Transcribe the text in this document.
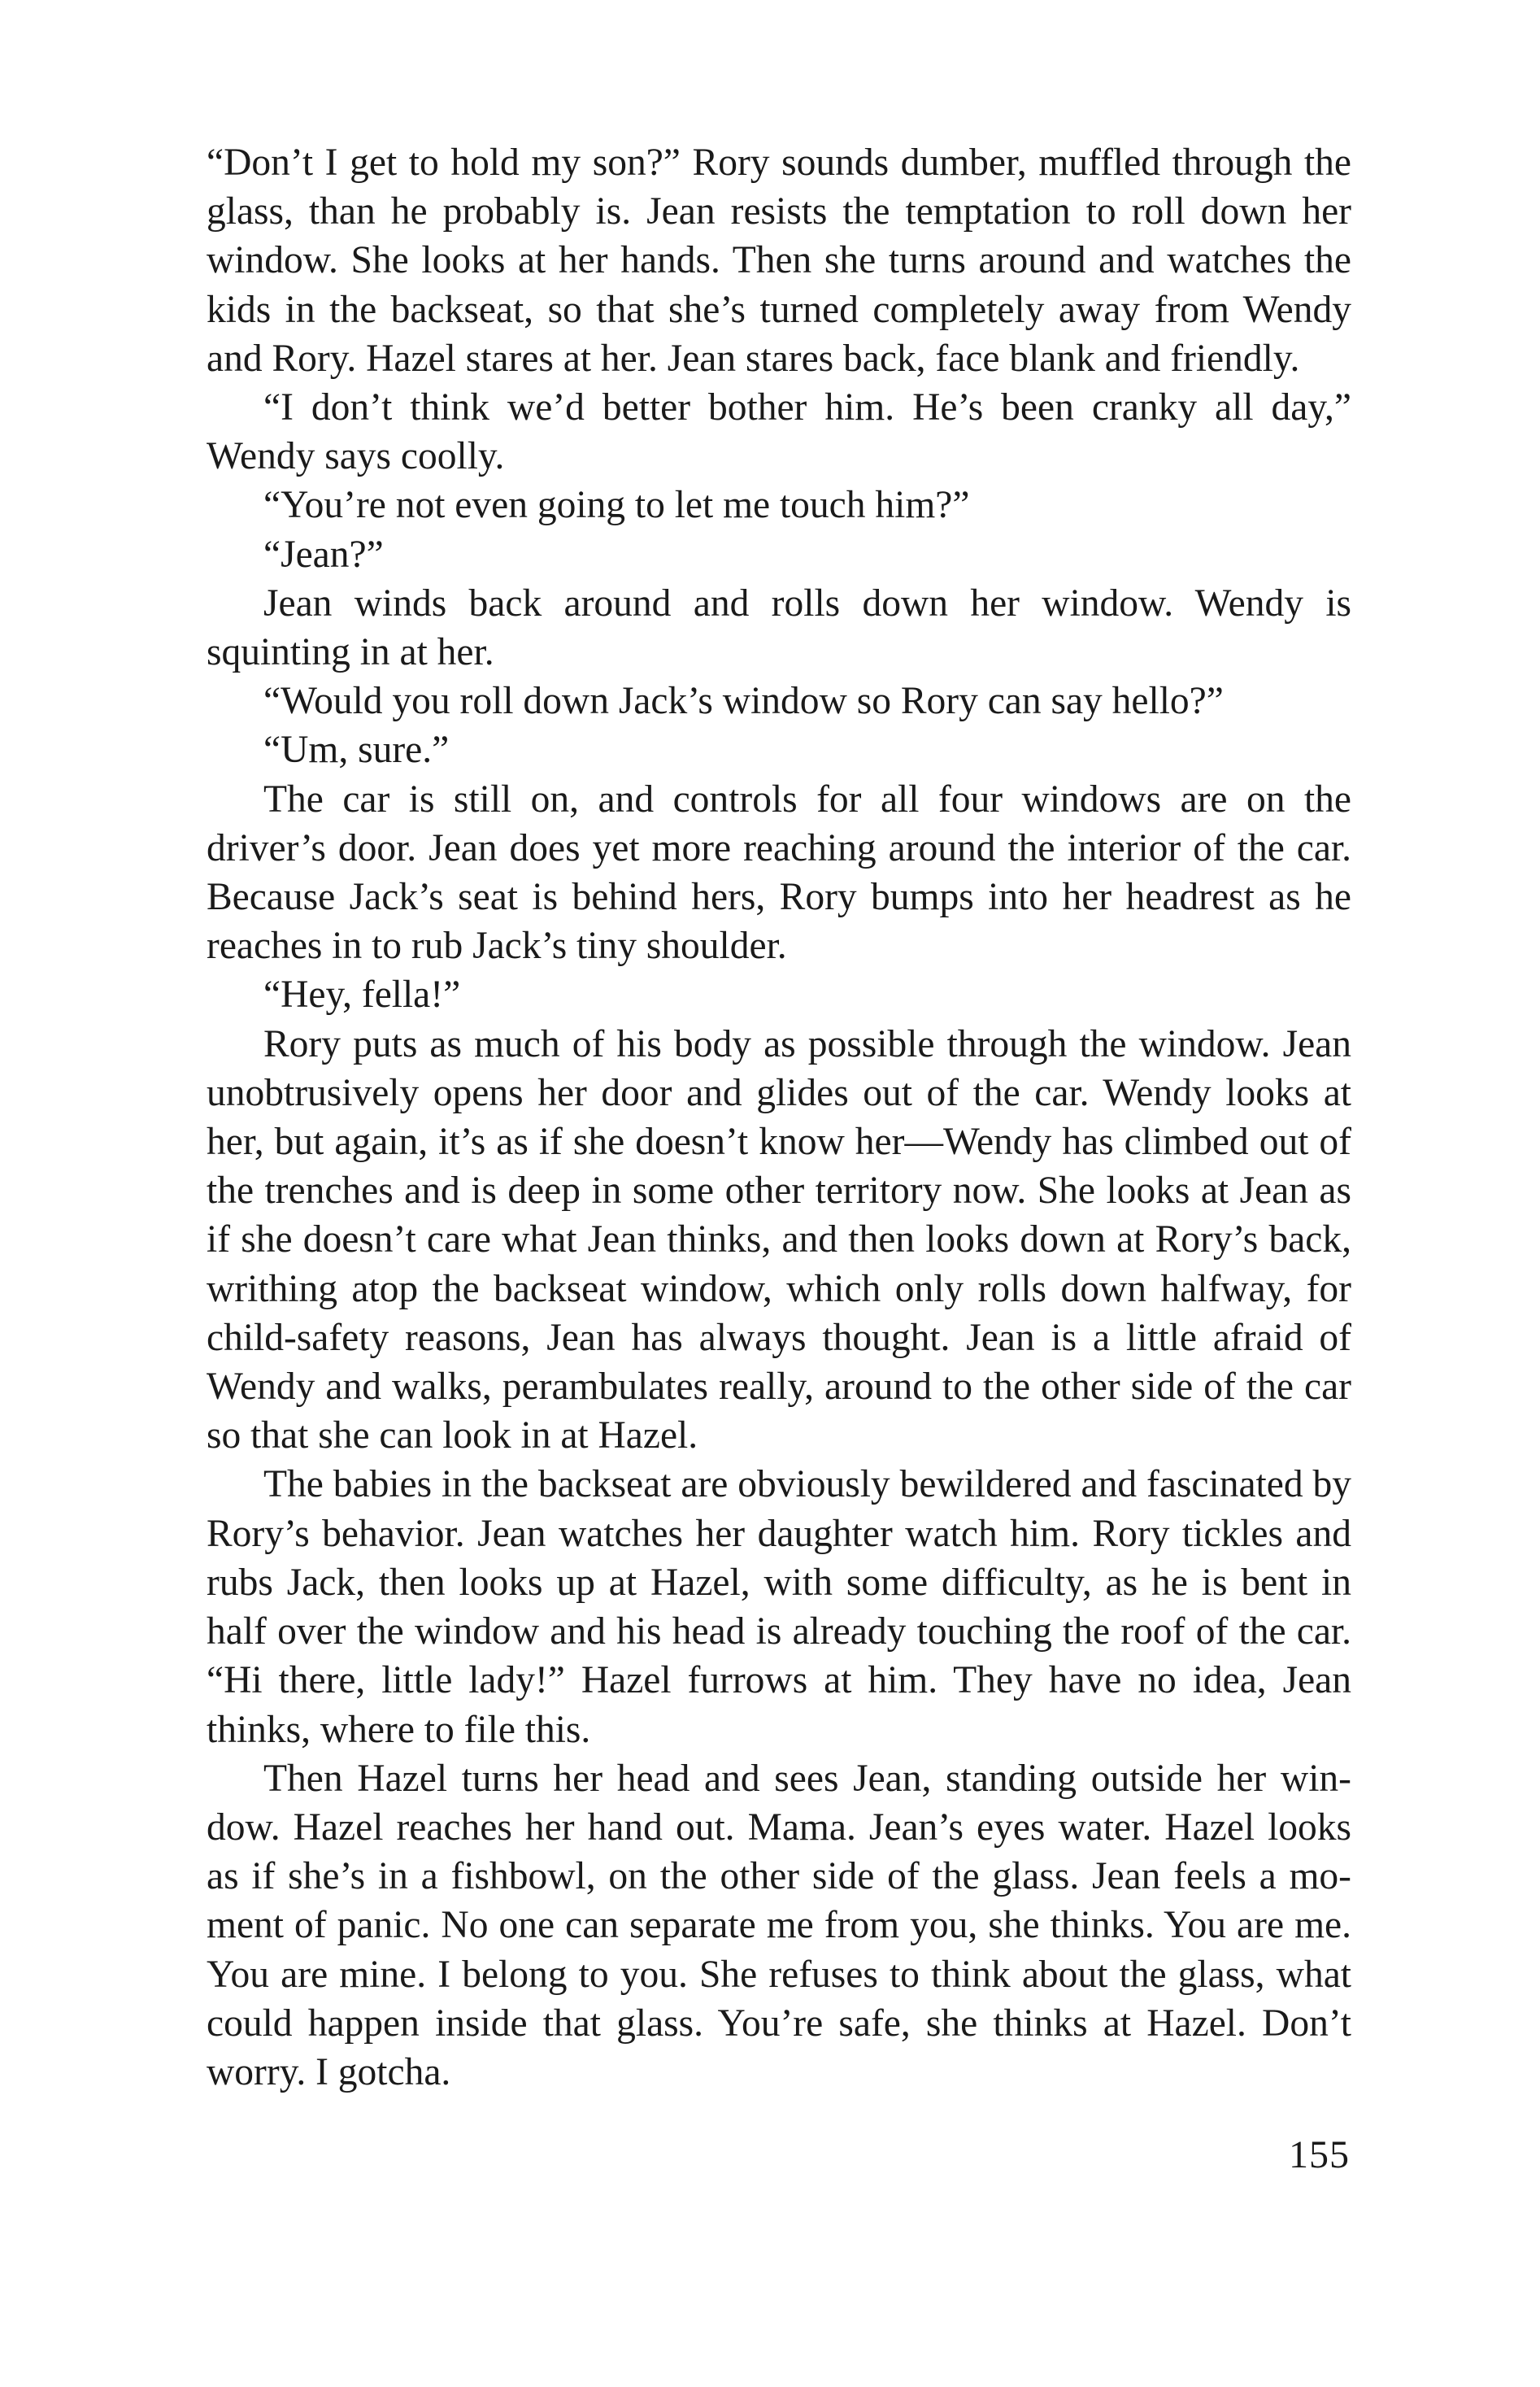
“Don’t I get to hold my son?” Rory sounds dumber, muffled through the glass, than he probably is. Jean resists the temptation to roll down her window. She looks at her hands. Then she turns around and watches the kids in the backseat, so that she’s turned completely away from Wendy and Rory. Hazel stares at her. Jean stares back, face blank and friendly.

“I don’t think we’d better bother him. He’s been cranky all day,” Wendy says coolly.

“You’re not even going to let me touch him?”

“Jean?”

Jean winds back around and rolls down her window. Wendy is squinting in at her.

“Would you roll down Jack’s window so Rory can say hello?”

“Um, sure.”

The car is still on, and controls for all four windows are on the driver’s door. Jean does yet more reaching around the interior of the car. Because Jack’s seat is behind hers, Rory bumps into her headrest as he reaches in to rub Jack’s tiny shoulder.

“Hey, fella!”

Rory puts as much of his body as possible through the window. Jean unobtrusively opens her door and glides out of the car. Wendy looks at her, but again, it’s as if she doesn’t know her—Wendy has climbed out of the trenches and is deep in some other territory now. She looks at Jean as if she doesn’t care what Jean thinks, and then looks down at Rory’s back, writhing atop the backseat window, which only rolls down halfway, for child-safety reasons, Jean has always thought. Jean is a little afraid of Wendy and walks, perambulates really, around to the other side of the car so that she can look in at Hazel.

The babies in the backseat are obviously bewildered and fascinated by Rory’s behavior. Jean watches her daughter watch him. Rory tickles and rubs Jack, then looks up at Hazel, with some difficulty, as he is bent in half over the window and his head is already touching the roof of the car. “Hi there, little lady!” Hazel furrows at him. They have no idea, Jean thinks, where to file this.

Then Hazel turns her head and sees Jean, standing outside her window. Hazel reaches her hand out. Mama. Jean’s eyes water. Hazel looks as if she’s in a fishbowl, on the other side of the glass. Jean feels a moment of panic. No one can separate me from you, she thinks. You are me. You are mine. I belong to you. She refuses to think about the glass, what could happen inside that glass. You’re safe, she thinks at Hazel. Don’t worry. I gotcha.

155
